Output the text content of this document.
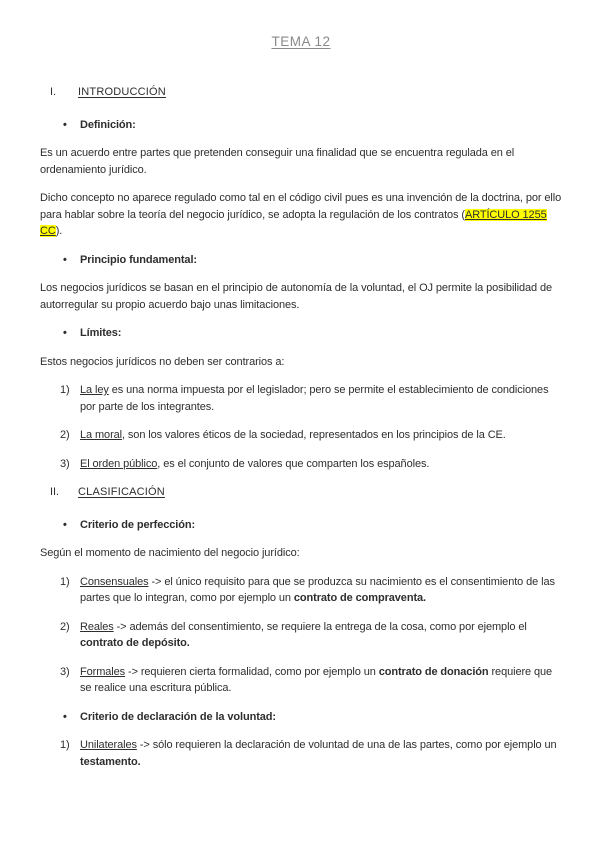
TEMA 12
I.	INTRODUCCIÓN
•	Definición:
Es un acuerdo entre partes que pretenden conseguir una finalidad que se encuentra regulada en el ordenamiento jurídico.
Dicho concepto no aparece regulado como tal en el código civil pues es una invención de la doctrina, por ello para hablar sobre la teoría del negocio jurídico, se adopta la regulación de los contratos (ARTÍCULO 1255 CC).
•	Principio fundamental:
Los negocios jurídicos se basan en el principio de autonomía de la voluntad, el OJ permite la posibilidad de autorregular su propio acuerdo bajo unas limitaciones.
•	Límites:
Estos negocios jurídicos no deben ser contrarios a:
1) La ley es una norma impuesta por el legislador; pero se permite el establecimiento de condiciones por parte de los integrantes.
2) La moral, son los valores éticos de la sociedad, representados en los principios de la CE.
3) El orden público, es el conjunto de valores que comparten los españoles.
II.	CLASIFICACIÓN
•	Criterio de perfección:
Según el momento de nacimiento del negocio jurídico:
1) Consensuales -> el único requisito para que se produzca su nacimiento es el consentimiento de las partes que lo integran, como por ejemplo un contrato de compraventa.
2) Reales -> además del consentimiento, se requiere la entrega de la cosa, como por ejemplo el contrato de depósito.
3) Formales -> requieren cierta formalidad, como por ejemplo un contrato de donación requiere que se realice una escritura pública.
•	Criterio de declaración de la voluntad:
1) Unilaterales -> sólo requieren la declaración de voluntad de una de las partes, como por ejemplo un testamento.
